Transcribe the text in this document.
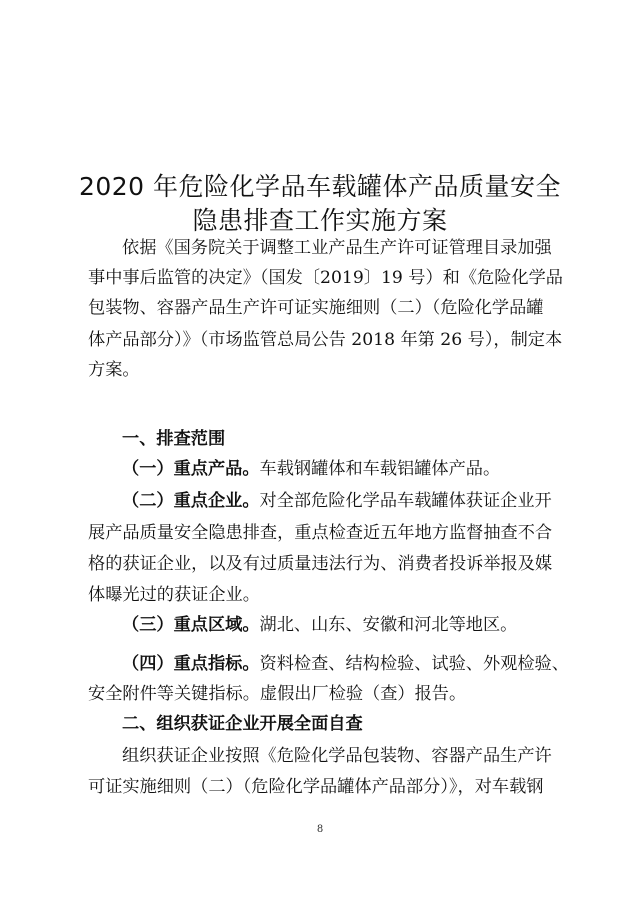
2020 年危险化学品车载罐体产品质量安全
隐患排查工作实施方案
依据《国务院关于调整工业产品生产许可证管理目录加强
事中事后监管的决定》（国发〔2019〕19 号）和《危险化学品
包装物、容器产品生产许可证实施细则（二）（危险化学品罐
体产品部分）》（市场监管总局公告 2018 年第 26 号），制定本
方案。
一、排查范围
（一）重点产品。车载钢罐体和车载铝罐体产品。
（二）重点企业。对全部危险化学品车载罐体获证企业开
展产品质量安全隐患排查，重点检查近五年地方监督抽查不合
格的获证企业，以及有过质量违法行为、消费者投诉举报及媒
体曝光过的获证企业。
（三）重点区域。湖北、山东、安徽和河北等地区。
（四）重点指标。资料检查、结构检验、试验、外观检验、
安全附件等关键指标。虚假出厂检验（查）报告。
二、组织获证企业开展全面自查
组织获证企业按照《危险化学品包装物、容器产品生产许
可证实施细则（二）（危险化学品罐体产品部分）》，对车载钢
8
